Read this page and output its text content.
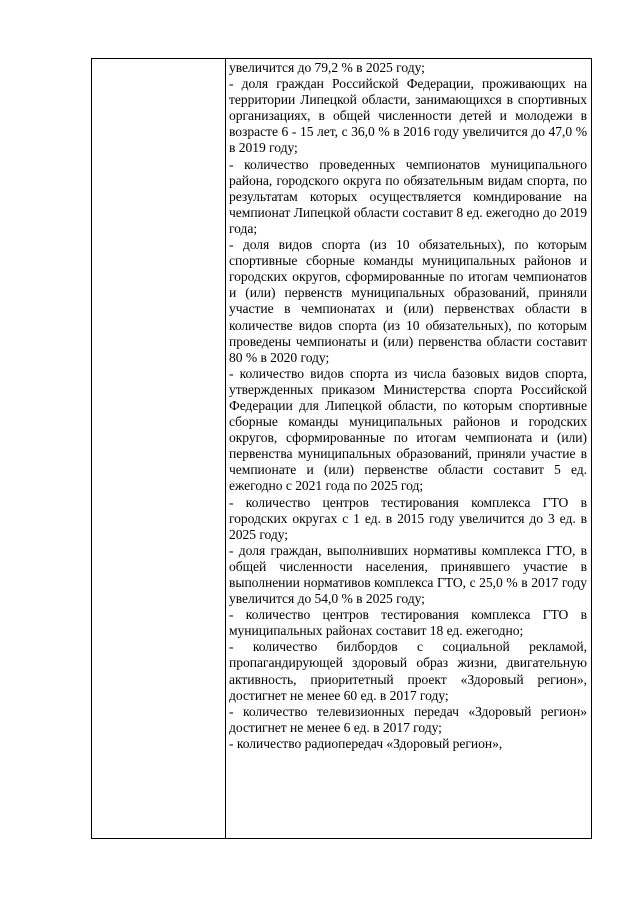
увеличится до 79,2 % в 2025 году;

- доля граждан Российской Федерации, проживающих на территории Липецкой области, занимающихся в спортивных организациях, в общей численности детей и молодежи в возрасте 6 - 15 лет, с 36,0 % в 2016 году увеличится до 47,0 % в 2019 году;

- количество проведенных чемпионатов муниципального района, городского округа по обязательным видам спорта, по результатам которых осуществляется комндирование на чемпионат Липецкой области составит 8 ед. ежегодно до 2019 года;

- доля видов спорта (из 10 обязательных), по которым спортивные сборные команды муниципальных районов и городских округов, сформированные по итогам чемпионатов и (или) первенств муниципальных образований, приняли участие в чемпионатах и (или) первенствах области в количестве видов спорта (из 10 обязательных), по которым проведены чемпионаты и (или) первенства области составит 80 % в 2020 году;

- количество видов спорта из числа базовых видов спорта, утвержденных приказом Министерства спорта Российской Федерации для Липецкой области, по которым спортивные сборные команды муниципальных районов и городских округов, сформированные по итогам чемпионата и (или) первенства муниципальных образований, приняли участие в чемпионате и (или) первенстве области составит 5 ед. ежегодно с 2021 года по 2025 год;

- количество центров тестирования комплекса ГТО в городских округах с 1 ед. в 2015 году увеличится до 3 ед. в 2025 году;

- доля граждан, выполнивших нормативы комплекса ГТО, в общей численности населения, принявшего участие в выполнении нормативов комплекса ГТО, с 25,0 % в 2017 году увеличится до 54,0 % в 2025 году;

- количество центров тестирования комплекса ГТО в муниципальных районах составит 18 ед. ежегодно;

- количество билбордов с социальной рекламой, пропагандирующей здоровый образ жизни, двигательную активность, приоритетный проект «Здоровый регион», достигнет не менее 60 ед. в 2017 году;

- количество телевизионных передач «Здоровый регион» достигнет не менее 6 ед. в 2017 году;

- количество радиопередач «Здоровый регион»,
